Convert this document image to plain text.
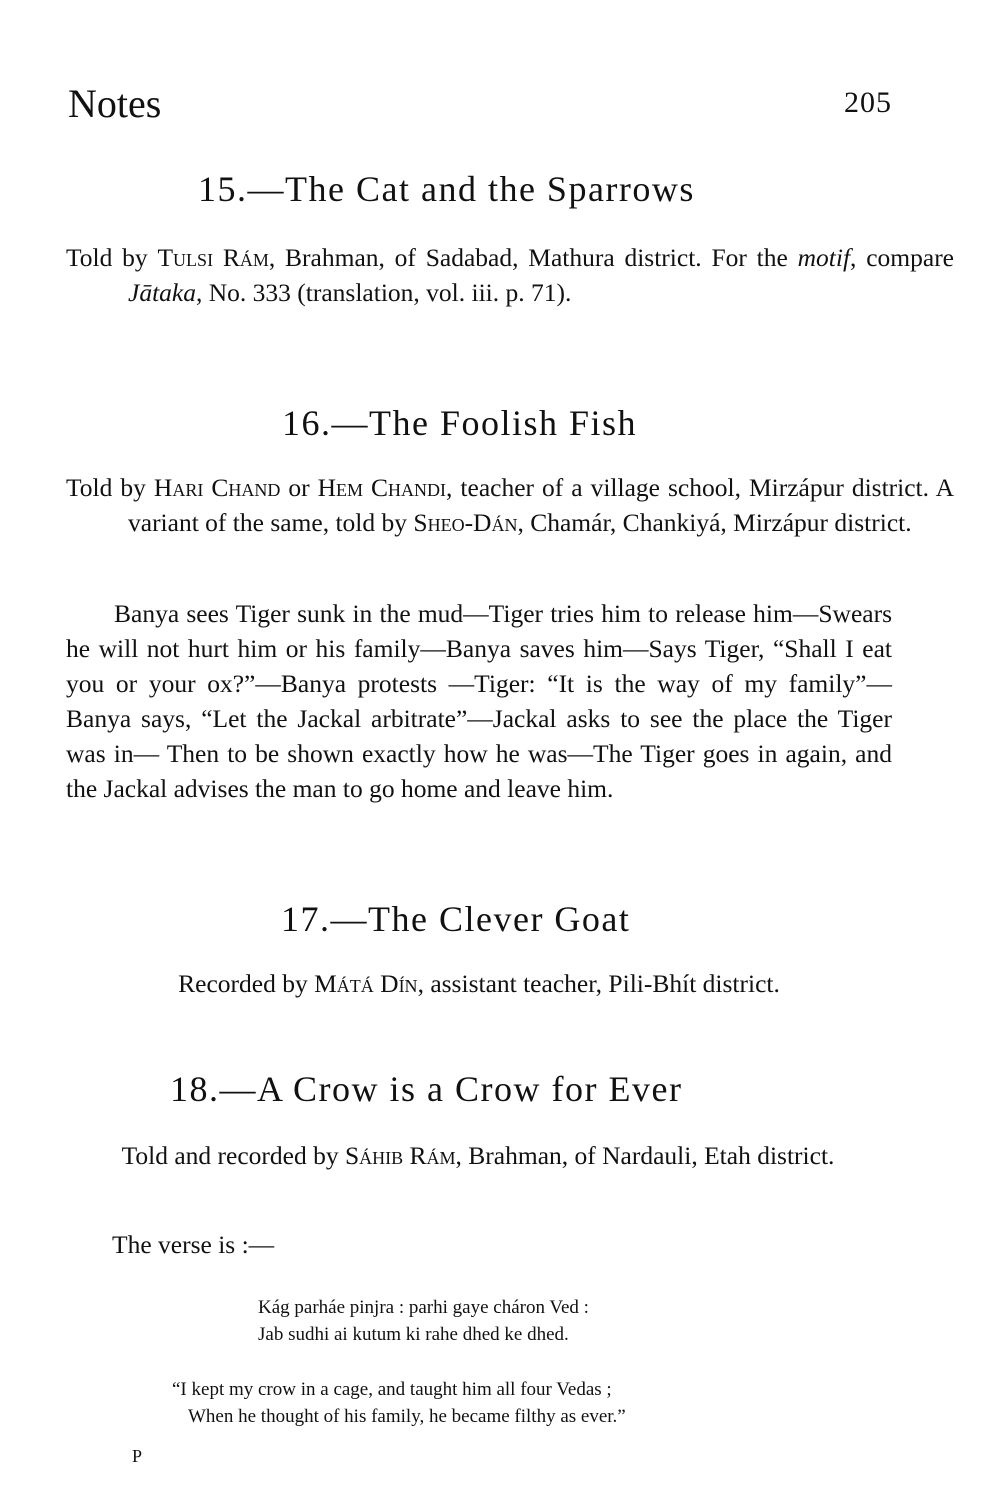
Notes	205
15.—The Cat and the Sparrows

Told by Tulsi Rám, Brahman, of Sadabad, Mathura district. For the motif, compare Jātaka, No. 333 (translation, vol. iii. p. 71).

16.—The Foolish Fish

Told by Hari Chand or Hem Chandi, teacher of a village school, Mirzápur district. A variant of the same, told by Sheo-Dán, Chamár, Chankiyá, Mirzápur district.

Banya sees Tiger sunk in the mud—Tiger tries him to release him—Swears he will not hurt him or his family—Banya saves him—Says Tiger, “Shall I eat you or your ox?”—Banya protests —Tiger: “It is the way of my family”—Banya says, “Let the Jackal arbitrate”—Jackal asks to see the place the Tiger was in— Then to be shown exactly how he was—The Tiger goes in again, and the Jackal advises the man to go home and leave him.

17.—The Clever Goat

Recorded by Mátá Dín, assistant teacher, Pili-Bhít district.

18.—A Crow is a Crow for Ever

Told and recorded by Sáhib Rám, Brahman, of Nardauli, Etah district.

The verse is :—
Kág parháe pinjra : parhi gaye cháron Ved :
Jab sudhi ai kutum ki rahe dhed ke dhed.
“I kept my crow in a cage, and taught him all four Vedas ;
When he thought of his family, he became filthy as ever.”
P
